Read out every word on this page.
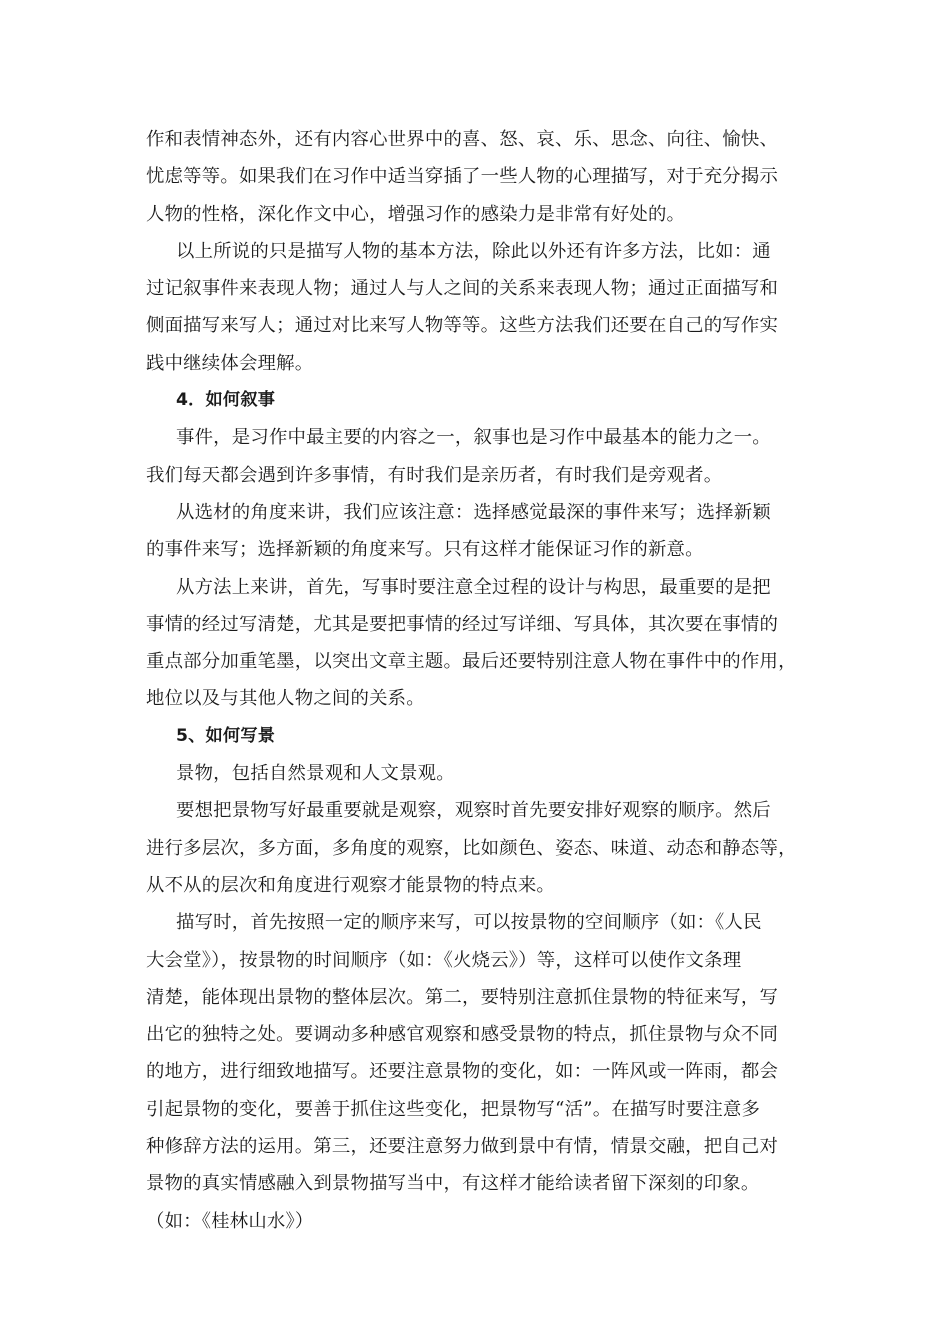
作和表情神态外，还有内容心世界中的喜、怒、哀、乐、思念、向往、愉快、
忧虑等等。如果我们在习作中适当穿插了一些人物的心理描写，对于充分揭示
人物的性格，深化作文中心，增强习作的感染力是非常有好处的。
以上所说的只是描写人物的基本方法，除此以外还有许多方法，比如：通
过记叙事件来表现人物；通过人与人之间的关系来表现人物；通过正面描写和
侧面描写来写人；通过对比来写人物等等。这些方法我们还要在自己的写作实
践中继续体会理解。
4．如何叙事
事件，是习作中最主要的内容之一，叙事也是习作中最基本的能力之一。
我们每天都会遇到许多事情，有时我们是亲历者，有时我们是旁观者。
从选材的角度来讲，我们应该注意：选择感觉最深的事件来写；选择新颖
的事件来写；选择新颖的角度来写。只有这样才能保证习作的新意。
从方法上来讲，首先，写事时要注意全过程的设计与构思，最重要的是把
事情的经过写清楚，尤其是要把事情的经过写详细、写具体，其次要在事情的
重点部分加重笔墨，以突出文章主题。最后还要特别注意人物在事件中的作用，
地位以及与其他人物之间的关系。
5、如何写景
景物，包括自然景观和人文景观。
要想把景物写好最重要就是观察，观察时首先要安排好观察的顺序。然后
进行多层次，多方面，多角度的观察，比如颜色、姿态、味道、动态和静态等，
从不从的层次和角度进行观察才能景物的特点来。
描写时，首先按照一定的顺序来写，可以按景物的空间顺序（如：《人民
大会堂》），按景物的时间顺序（如：《火烧云》）等，这样可以使作文条理
清楚，能体现出景物的整体层次。第二，要特别注意抓住景物的特征来写，写
出它的独特之处。要调动多种感官观察和感受景物的特点，抓住景物与众不同
的地方，进行细致地描写。还要注意景物的变化，如：一阵风或一阵雨，都会
引起景物的变化，要善于抓住这些变化，把景物写“活”。在描写时要注意多
种修辞方法的运用。第三，还要注意努力做到景中有情，情景交融，把自己对
景物的真实情感融入到景物描写当中，有这样才能给读者留下深刻的印象。
（如：《桂林山水》）
